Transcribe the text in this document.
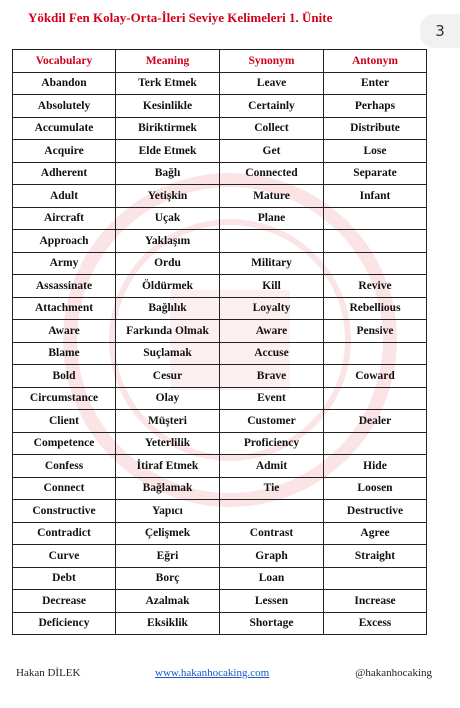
Yökdil Fen Kolay-Orta-İleri Seviye Kelimeleri 1. Ünite
3
Vocabulary	Meaning	Synonym	Antonym
Abandon	Terk Etmek	Leave	Enter
Absolutely	Kesinlikle	Certainly	Perhaps
Accumulate	Biriktirmek	Collect	Distribute
Acquire	Elde Etmek	Get	Lose
Adherent	Bağlı	Connected	Separate
Adult	Yetişkin	Mature	Infant
Aircraft	Uçak	Plane	
Approach	Yaklaşım		
Army	Ordu	Military	
Assassinate	Öldürmek	Kill	Revive
Attachment	Bağlılık	Loyalty	Rebellious
Aware	Farkında Olmak	Aware	Pensive
Blame	Suçlamak	Accuse	
Bold	Cesur	Brave	Coward
Circumstance	Olay	Event	
Client	Müşteri	Customer	Dealer
Competence	Yeterlilik	Proficiency	
Confess	İtiraf Etmek	Admit	Hide
Connect	Bağlamak	Tie	Loosen
Constructive	Yapıcı		Destructive
Contradict	Çelişmek	Contrast	Agree
Curve	Eğri	Graph	Straight
Debt	Borç	Loan	
Decrease	Azalmak	Lessen	Increase
Deficiency	Eksiklik	Shortage	Excess
Hakan DİLEK	www.hakanhocaking.com	@hakanhocaking
